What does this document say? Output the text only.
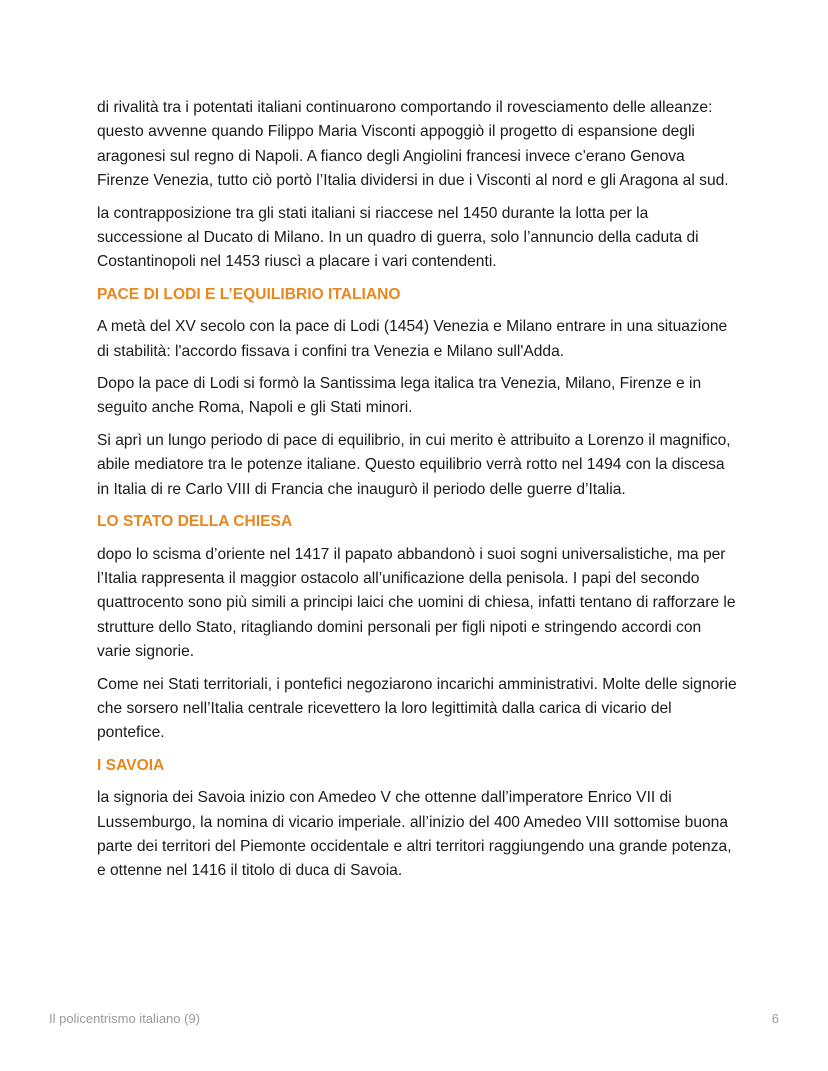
di rivalità tra i potentati italiani continuarono comportando il rovesciamento delle alleanze: questo avvenne quando Filippo Maria Visconti appoggiò il progetto di espansione degli aragonesi sul regno di Napoli. A fianco degli Angiolini francesi invece c’erano Genova Firenze Venezia, tutto ciò portò l’Italia dividersi in due i Visconti al nord e gli Aragona al sud.

la contrapposizione tra gli stati italiani si riaccese nel 1450 durante la lotta per la successione al Ducato di Milano. In un quadro di guerra, solo l’annuncio della caduta di Costantinopoli nel 1453 riuscì a placare i vari contendenti.

PACE DI LODI E L’EQUILIBRIO ITALIANO

A metà del XV secolo con la pace di Lodi (1454) Venezia e Milano entrare in una situazione di stabilità: l'accordo fissava i confini tra Venezia e Milano sull'Adda.

Dopo la pace di Lodi si formò la Santissima lega italica tra Venezia, Milano, Firenze e in seguito anche Roma, Napoli e gli Stati minori.

Si aprì un lungo periodo di pace di equilibrio, in cui merito è attribuito a Lorenzo il magnifico, abile mediatore tra le potenze italiane. Questo equilibrio verrà rotto nel 1494 con la discesa in Italia di re Carlo VIII di Francia che inaugurò il periodo delle guerre d’Italia.

LO STATO DELLA CHIESA

dopo lo scisma d’oriente nel 1417 il papato abbandonò i suoi sogni universalistiche, ma per l’Italia rappresenta il maggior ostacolo all’unificazione della penisola. I papi del secondo quattrocento sono più simili a principi laici che uomini di chiesa, infatti tentano di rafforzare le strutture dello Stato, ritagliando domini personali per figli nipoti e stringendo accordi con varie signorie.

Come nei Stati territoriali, i pontefici negoziarono incarichi amministrativi. Molte delle signorie che sorsero nell’Italia centrale ricevettero la loro legittimità dalla carica di vicario del pontefice.

I SAVOIA

la signoria dei Savoia inizio con Amedeo V che ottenne dall’imperatore Enrico VII di Lussemburgo, la nomina di vicario imperiale. all’inizio del 400 Amedeo VIII sottomise buona parte dei territori del Piemonte occidentale e altri territori raggiungendo una grande potenza, e ottenne nel 1416 il titolo di duca di Savoia.

Il policentrismo italiano (9)	6
